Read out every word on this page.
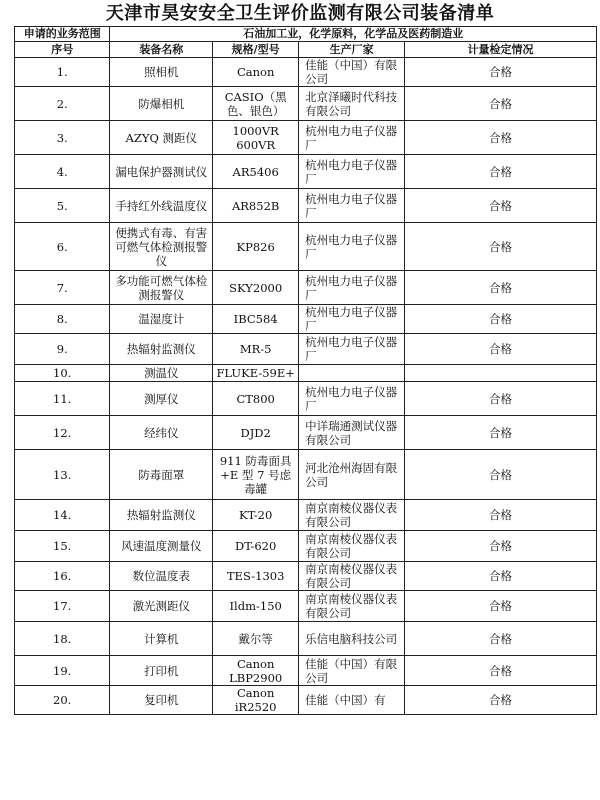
天津市昊安安全卫生评价监测有限公司装备清单
申请的业务范围	石油加工业，化学原料，化学品及医药制造业			
序号	装备名称	规格/型号	生产厂家	计量检定情况
1.	照相机	Canon	佳能（中国）有限公司	合格
2.	防爆相机	CASIO（黑色、银色）	北京泽曦时代科技有限公司	合格
3.	AZYQ 测距仪	1000VR 600VR	杭州电力电子仪器厂	合格
4.	漏电保护器测试仪	AR5406	杭州电力电子仪器厂	合格
5.	手持红外线温度仪	AR852B	杭州电力电子仪器厂	合格
6.	便携式有毒、有害可燃气体检测报警仪	KP826	杭州电力电子仪器厂	合格
7.	多功能可燃气体检测报警仪	SKY2000	杭州电力电子仪器厂	合格
8.	温湿度计	IBC584	杭州电力电子仪器厂	合格
9.	热辐射监测仪	MR-5	杭州电力电子仪器厂	合格
10.	测温仪	FLUKE-59E+		
11.	测厚仪	CT800	杭州电力电子仪器厂	合格
12.	经纬仪	DJD2	中详瑞通测试仪器有限公司	合格
13.	防毒面罩	911 防毒面具+E 型 7 号虑毒罐	河北沧州海固有限公司	合格
14.	热辐射监测仪	KT-20	南京南棱仪器仪表有限公司	合格
15.	风速温度测量仪	DT-620	南京南棱仪器仪表有限公司	合格
16.	数位温度表	TES-1303	南京南棱仪器仪表有限公司	合格
17.	激光测距仪	Ildm-150	南京南棱仪器仪表有限公司	合格
18.	计算机	戴尔等	乐信电脑科技公司	合格
19.	打印机	Canon LBP2900	佳能（中国）有限公司	合格
20.	复印机	Canon iR2520	佳能（中国）有	合格
